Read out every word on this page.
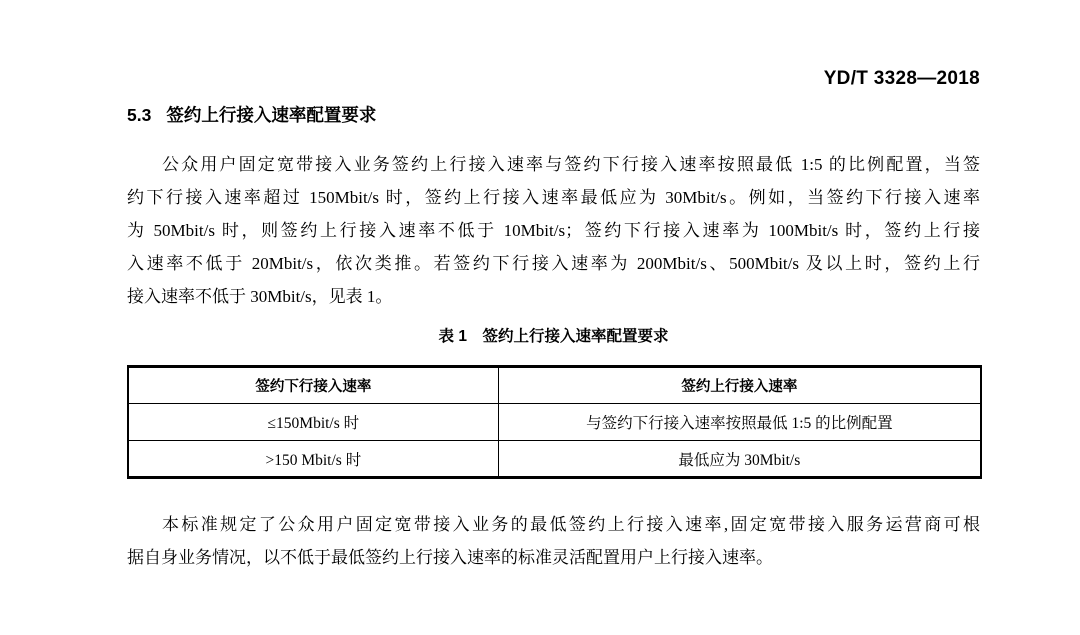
YD/T 3328—2018
5.3 签约上行接入速率配置要求
公众用户固定宽带接入业务签约上行接入速率与签约下行接入速率按照最低 1:5 的比例配置，当签
约下行接入速率超过 150Mbit/s 时，签约上行接入速率最低应为 30Mbit/s。例如，当签约下行接入速率
为 50Mbit/s 时，则签约上行接入速率不低于 10Mbit/s；签约下行接入速率为 100Mbit/s 时，签约上行接
入速率不低于 20Mbit/s，依次类推。若签约下行接入速率为 200Mbit/s、500Mbit/s 及以上时，签约上行
接入速率不低于 30Mbit/s，见表 1。
表 1　 签约上行接入速率配置要求
签约下行接入速率	签约上行接入速率
≤150Mbit/s 时	与签约下行接入速率按照最低 1:5 的比例配置
>150 Mbit/s 时	最低应为 30Mbit/s
本标准规定了公众用户固定宽带接入业务的最低签约上行接入速率,固定宽带接入服务运营商可根
据自身业务情况，以不低于最低签约上行接入速率的标准灵活配置用户上行接入速率。
